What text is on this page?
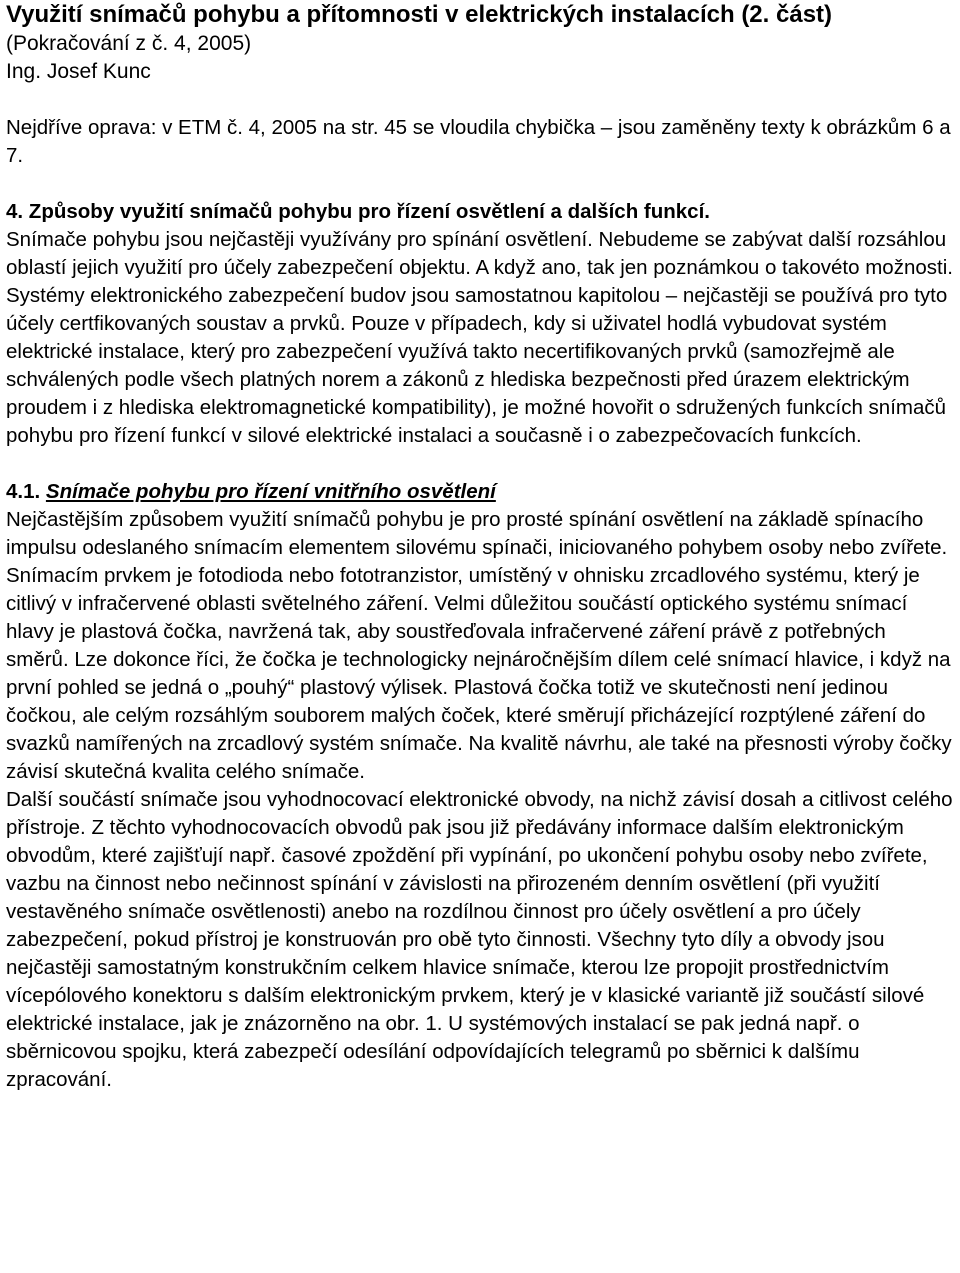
Využití snímačů pohybu a přítomnosti v elektrických instalacích (2. část)

(Pokračování z č. 4, 2005)

Ing. Josef Kunc

Nejdříve oprava: v ETM č. 4, 2005 na str. 45 se vloudila chybička – jsou zaměněny texty k obrázkům 6 a 7.

4. Způsoby využití snímačů pohybu pro řízení osvětlení a dalších funkcí.

Snímače pohybu jsou nejčastěji využívány pro spínání osvětlení. Nebudeme se zabývat další rozsáhlou oblastí jejich využití pro účely zabezpečení objektu. A když ano, tak jen poznámkou o takovéto možnosti. Systémy elektronického zabezpečení budov jsou samostatnou kapitolou – nejčastěji se používá pro tyto účely certfikovaných soustav a prvků. Pouze v případech, kdy si uživatel hodlá vybudovat systém elektrické instalace, který pro zabezpečení využívá takto necertifikovaných prvků (samozřejmě ale schválených podle všech platných norem a zákonů z hlediska bezpečnosti před úrazem elektrickým proudem i z hlediska elektromagnetické kompatibility), je možné hovořit o sdružených funkcích snímačů pohybu pro řízení funkcí v silové elektrické instalaci a současně i o zabezpečovacích funkcích.

4.1. Snímače pohybu pro řízení vnitřního osvětlení

Nejčastějším způsobem využití snímačů pohybu je pro prosté spínání osvětlení na základě spínacího impulsu odeslaného snímacím elementem silovému spínači, iniciovaného pohybem osoby nebo zvířete. Snímacím prvkem je fotodioda nebo fototranzistor, umístěný v ohnisku zrcadlového systému, který je citlivý v infračervené oblasti světelného záření. Velmi důležitou součástí optického systému snímací hlavy je plastová čočka, navržená tak, aby soustřeďovala infračervené záření právě z potřebných směrů. Lze dokonce říci, že čočka je technologicky nejnáročnějším dílem celé snímací hlavice, i když na první pohled se jedná o „pouhý“ plastový výlisek. Plastová čočka totiž ve skutečnosti není jedinou čočkou, ale celým rozsáhlým souborem malých čoček, které směrují přicházející rozptýlené záření do svazků namířených na zrcadlový systém snímače. Na kvalitě návrhu, ale také na přesnosti výroby čočky závisí skutečná kvalita celého snímače.

Další součástí snímače jsou vyhodnocovací elektronické obvody, na nichž závisí dosah a citlivost celého přístroje. Z těchto vyhodnocovacích obvodů pak jsou již předávány informace dalším elektronickým obvodům, které zajišťují např. časové zpoždění při vypínání, po ukončení pohybu osoby nebo zvířete, vazbu na činnost nebo nečinnost spínání v závislosti na přirozeném denním osvětlení (při využití vestavěného snímače osvětlenosti) anebo na rozdílnou činnost pro účely osvětlení a pro účely zabezpečení, pokud přístroj je konstruován pro obě tyto činnosti. Všechny tyto díly a obvody jsou nejčastěji samostatným konstrukčním celkem hlavice snímače, kterou lze propojit prostřednictvím vícepólového konektoru s dalším elektronickým prvkem, který je v klasické variantě již součástí silové elektrické instalace, jak je znázorněno na obr. 1. U systémových instalací se pak jedná např. o sběrnicovou spojku, která zabezpečí odesílání odpovídajících telegramů po sběrnici k dalšímu zpracování.
